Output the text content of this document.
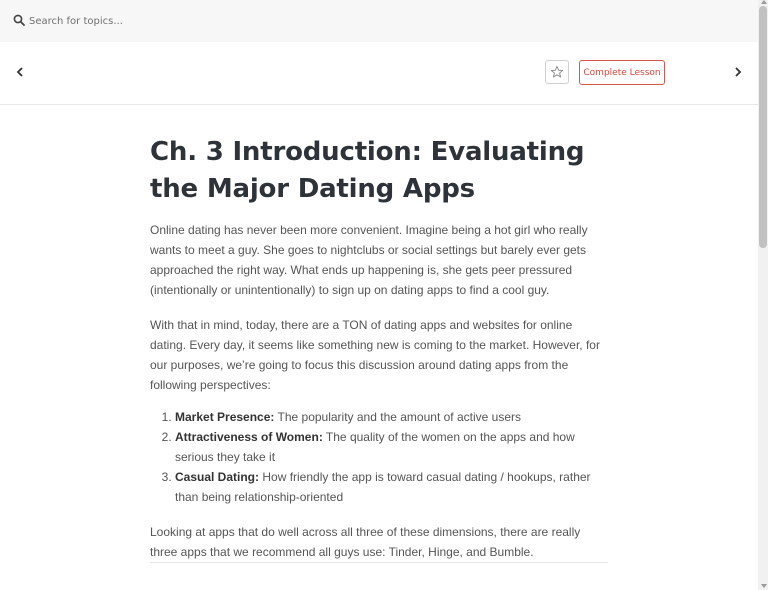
Search for topics...
Complete Lesson
Ch. 3 Introduction: Evaluating the Major Dating Apps

Online dating has never been more convenient. Imagine being a hot girl who really wants to meet a guy. She goes to nightclubs or social settings but barely ever gets approached the right way. What ends up happening is, she gets peer pressured (intentionally or unintentionally) to sign up on dating apps to find a cool guy.

With that in mind, today, there are a TON of dating apps and websites for online dating. Every day, it seems like something new is coming to the market. However, for our purposes, we’re going to focus this discussion around dating apps from the following perspectives:

1. Market Presence: The popularity and the amount of active users
2. Attractiveness of Women: The quality of the women on the apps and how serious they take it
3. Casual Dating: How friendly the app is toward casual dating / hookups, rather than being relationship-oriented

Looking at apps that do well across all three of these dimensions, there are really three apps that we recommend all guys use: Tinder, Hinge, and Bumble.
